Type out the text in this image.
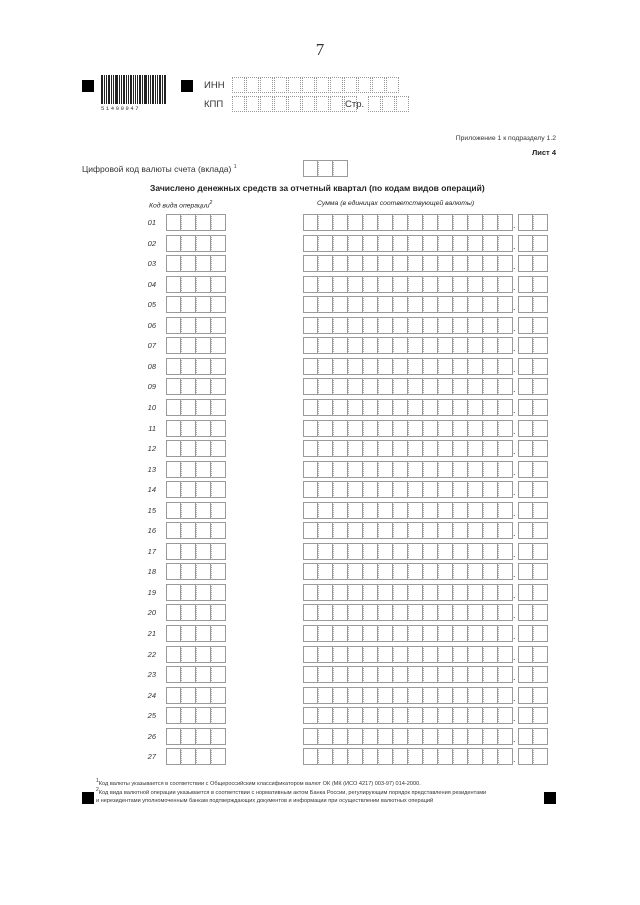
7
51409947
ИНН
КПП	Стр.
Приложение 1 к подразделу 1.2
Лист 4
Цифровой код валюты счета (вклада) $^1$
Зачислено денежных средств за отчетный квартал (по кодам видов операций)
Код вида операции$^2$	Сумма (в единицах соответствующей валюты)
01	.
02	.
03	.
04	.
05	.
06	.
07	.
08	.
09	.
10	.
11	.
12	.
13	.
14	.
15	.
16	.
17	.
18	.
19	.
20	.
21	.
22	.
23	.
24	.
25	.
26	.
27	.
$^1$Код валюты указывается в соответствии с Общероссийским классификатором валют ОК (МК (ИСО 4217) 003-97) 014-2000.
$^2$Код вида валютной операции указывается в соответствии с нормативным актом Банка России, регулирующим порядок представления резидентами
и нерезидентами уполномоченным банкам подтверждающих документов и информации при осуществлении валютных операций
